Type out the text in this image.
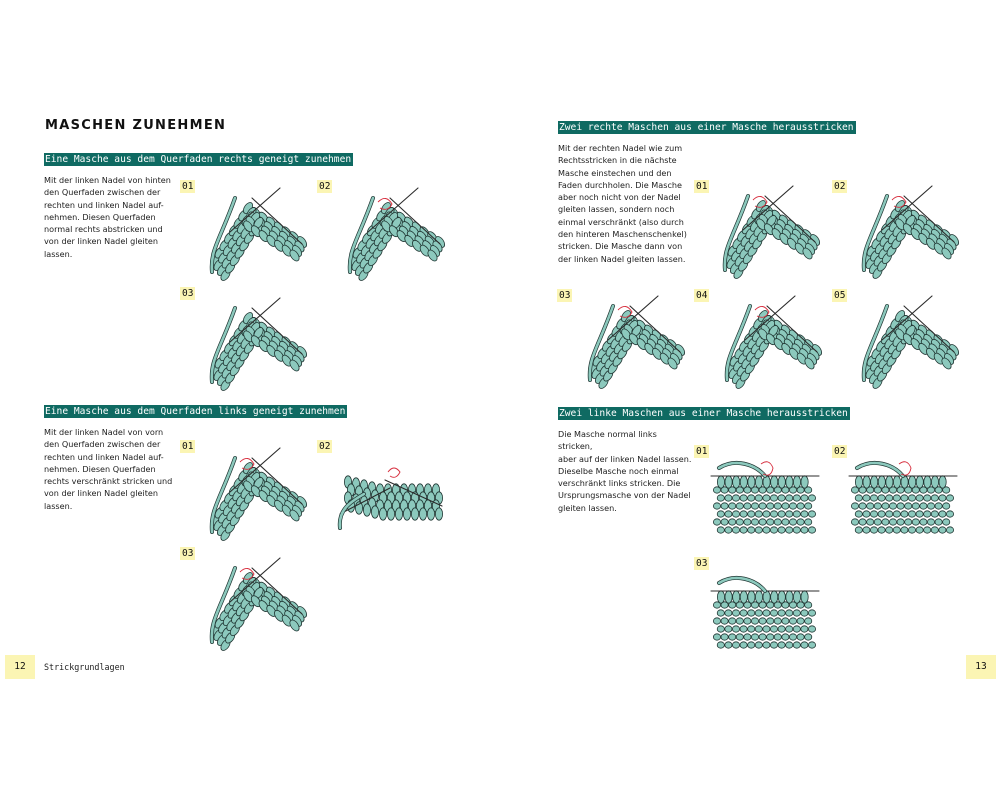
MASCHEN ZUNEHMEN
Eine Masche aus dem Querfaden rechts geneigt zunehmen
Mit der linken Nadel von hinten
den Querfaden zwischen der
rechten und linken Nadel auf-
nehmen. Diesen Querfaden
normal rechts abstricken und
von der linken Nadel gleiten
lassen.
01	02
03
Eine Masche aus dem Querfaden links geneigt zunehmen
Mit der linken Nadel von vorn
den Querfaden zwischen der
rechten und linken Nadel auf-
nehmen. Diesen Querfaden
rechts verschränkt stricken und
von der linken Nadel gleiten
lassen.
01	02
03
12	Strickgrundlagen
Zwei rechte Maschen aus einer Masche herausstricken
Mit der rechten Nadel wie zum
Rechtsstricken in die nächste
Masche einstechen und den
Faden durchholen. Die Masche
aber noch nicht von der Nadel
gleiten lassen, sondern noch
einmal verschränkt (also durch
den hinteren Maschenschenkel)
stricken. Die Masche dann von
der linken Nadel gleiten lassen.
01	02
03	04	05
Zwei linke Maschen aus einer Masche herausstricken
Die Masche normal links stricken,
aber auf der linken Nadel lassen.
Dieselbe Masche noch einmal
verschränkt links stricken. Die
Ursprungsmasche von der Nadel
gleiten lassen.
01	02
03
13
